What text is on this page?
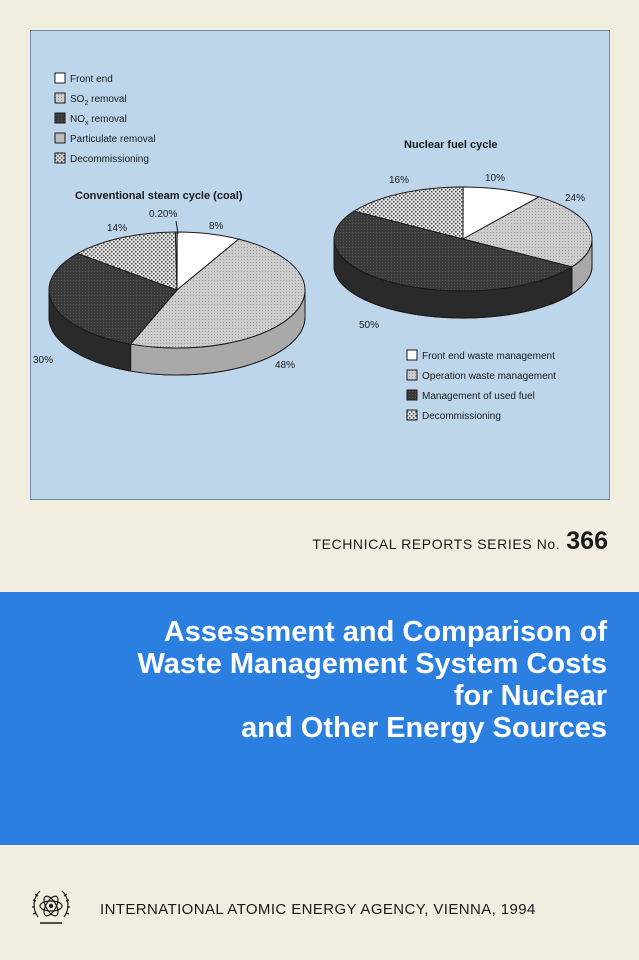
Front end
$SO_2$ removal
$NO_x$ removal
Particulate removal
Decommissioning
Front end waste management
Operation waste management
Management of used fuel
Decommissioning
8%
48%
30%
14%
0.20%
Conventional steam cycle (coal)
10%
24%
50%
16%
Nuclear fuel cycle
TECHNICAL REPORTS SERIES No. 366
Assessment and Comparison of
Waste Management System Costs
for Nuclear
and Other Energy Sources
INTERNATIONAL ATOMIC ENERGY AGENCY, VIENNA, 1994
